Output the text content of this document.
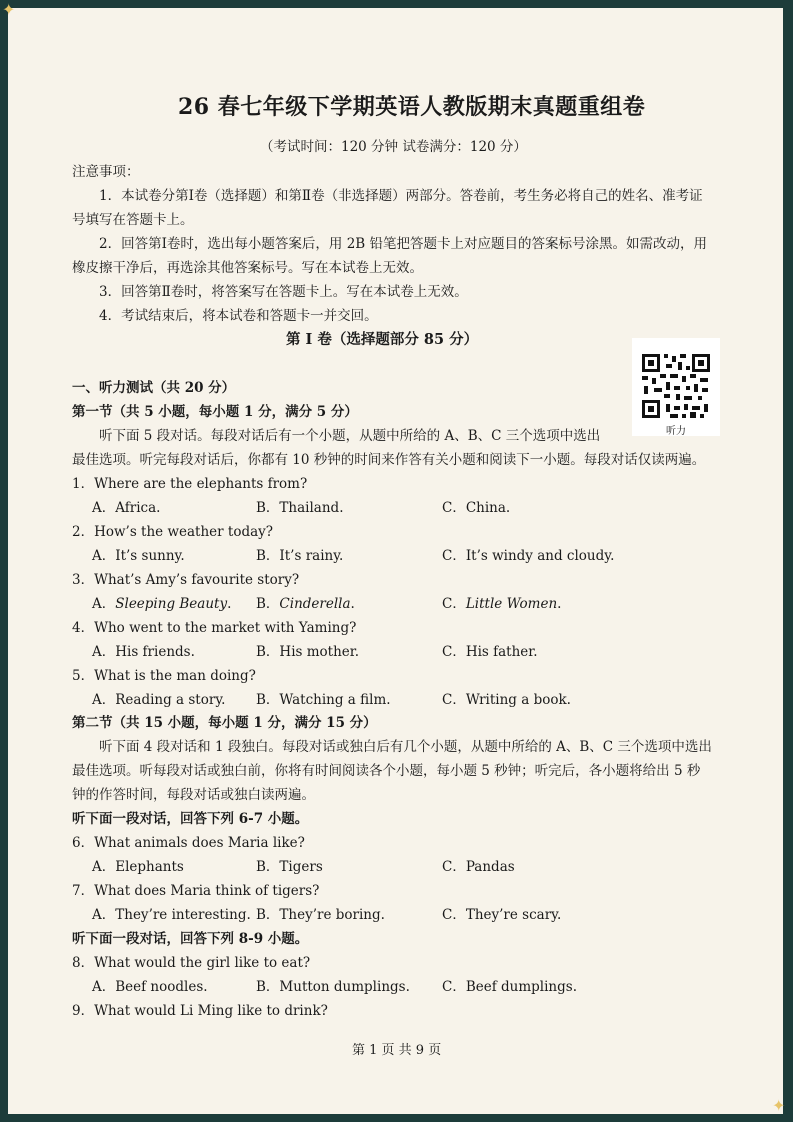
✦
✦
26 春七年级下学期英语人教版期末真题重组卷
（考试时间：120 分钟 试卷满分：120 分）
注意事项：
1．本试卷分第Ⅰ卷（选择题）和第Ⅱ卷（非选择题）两部分。答卷前，考生务必将自己的姓名、准考证
号填写在答题卡上。
2．回答第Ⅰ卷时，选出每小题答案后，用 2B 铅笔把答题卡上对应题目的答案标号涂黑。如需改动，用
橡皮擦干净后，再选涂其他答案标号。写在本试卷上无效。
3．回答第Ⅱ卷时，将答案写在答题卡上。写在本试卷上无效。
4．考试结束后，将本试卷和答题卡一并交回。
第 I 卷（选择题部分 85 分）
听力
一、听力测试（共 20 分）
第一节（共 5 小题，每小题 1 分，满分 5 分）
听下面 5 段对话。每段对话后有一个小题，从题中所给的 A、B、C 三个选项中选出
最佳选项。听完每段对话后，你都有 10 秒钟的时间来作答有关小题和阅读下一小题。每段对话仅读两遍。
1．Where are the elephants from?
A．Africa.	B．Thailand.	C．China.
2．How’s the weather today?
A．It’s sunny.	B．It’s rainy.	C．It’s windy and cloudy.
3．What’s Amy’s favourite story?
A．Sleeping Beauty. B．Cinderella.	C．Little Women.
4．Who went to the market with Yaming?
A．His friends.	B．His mother.	C．His father.
5．What is the man doing?
A．Reading a story. B．Watching a film.	C．Writing a book.
第二节（共 15 小题，每小题 1 分，满分 15 分）
听下面 4 段对话和 1 段独白。每段对话或独白后有几个小题，从题中所给的 A、B、C 三个选项中选出
最佳选项。听每段对话或独白前，你将有时间阅读各个小题，每小题 5 秒钟；听完后，各小题将给出 5 秒
钟的作答时间，每段对话或独白读两遍。
听下面一段对话，回答下列 6-7 小题。
6．What animals does Maria like?
A．Elephants	B．Tigers	C．Pandas
7．What does Maria think of tigers?
A．They’re interesting. B．They’re boring.	C．They’re scary.
听下面一段对话，回答下列 8-9 小题。
8．What would the girl like to eat?
A．Beef noodles.	B．Mutton dumplings. C．Beef dumplings.
9．What would Li Ming like to drink?
第 1 页 共 9 页
